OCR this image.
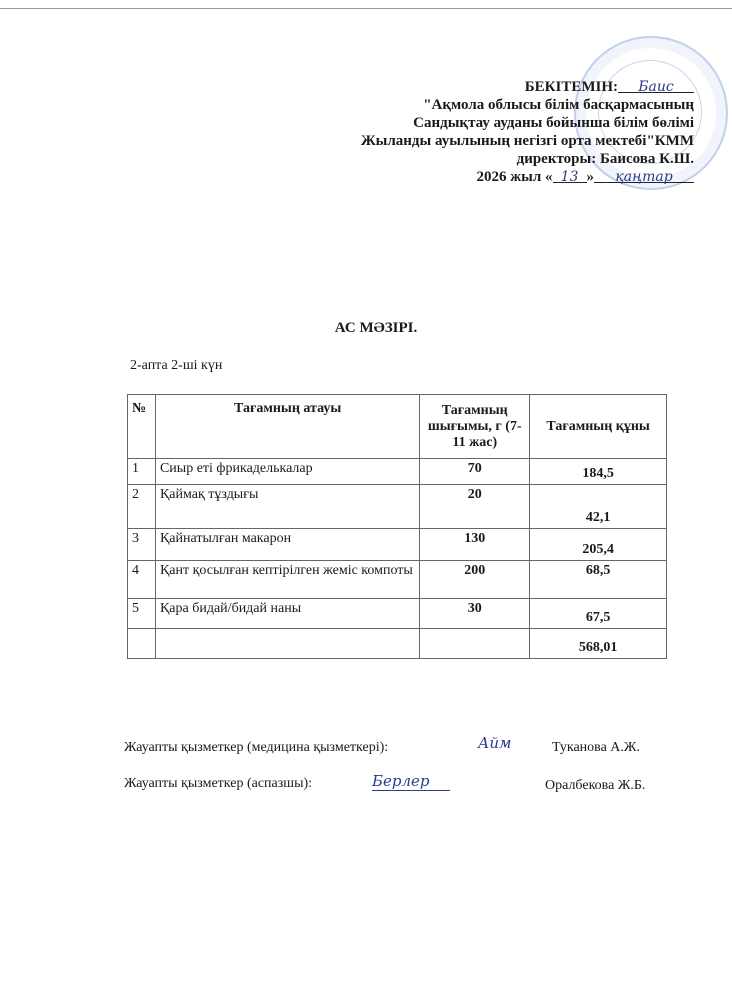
БЕКІТЕМІН: Баис
"Ақмола облысы білім басқармасының
Сандықтау ауданы бойынша білім бөлімі
Жыланды ауылының негізгі орта мектебі"КММ
директоры: Баисова К.Ш.
2026 жыл « 13 » қаңтар
АС МӘЗІРІ.
2-апта 2-ші күн
№	Тағамның атауы	Тағамның шығымы, г (7-11 жас)	Тағамның құны
1	Сиыр еті фрикаделькалар	70	184,5
2	Қаймақ тұздығы	20	42,1
3	Қайнатылған макарон	130	205,4
4	Қант қосылған кептірілген жеміс компоты	200	68,5
5	Қара бидай/бидай наны	30	67,5
			568,01
Жауапты қызметкер (медицина қызметкері):	Айм	Туканова А.Ж.
Жауапты қызметкер (аспазшы):	Берлер	Оралбекова Ж.Б.
